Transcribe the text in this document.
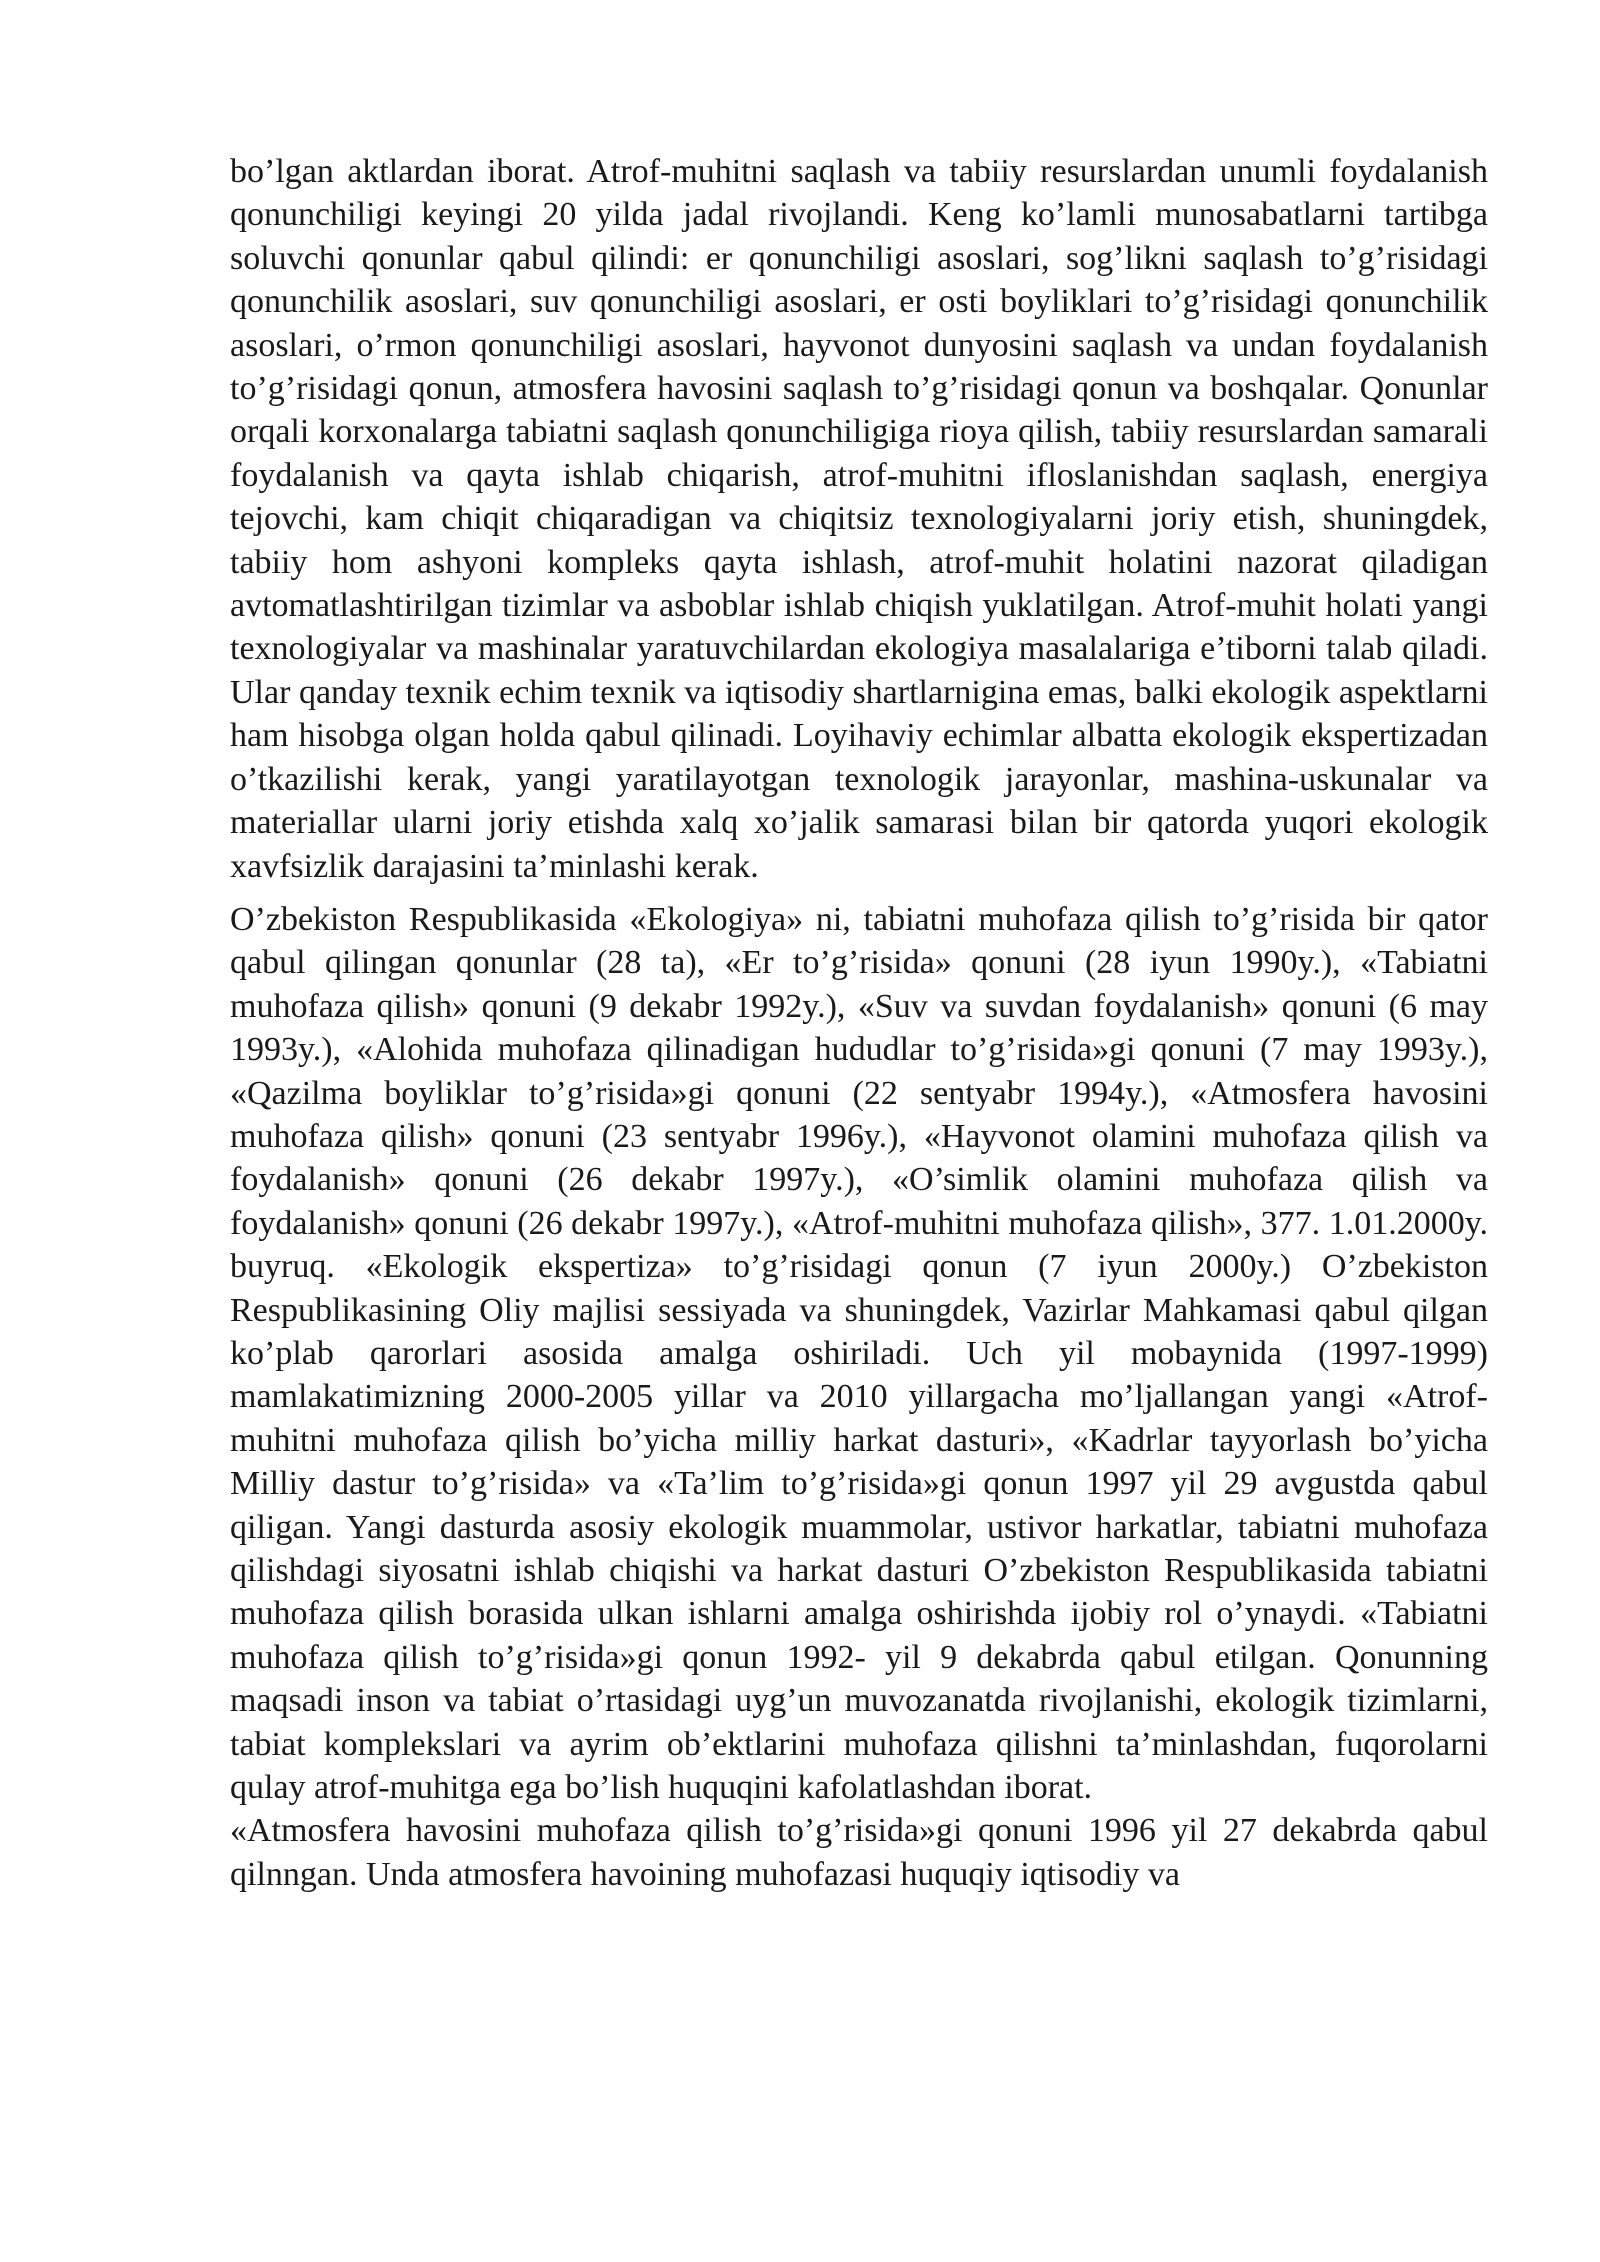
bo’lgan aktlardan iborat. Atrof-muhitni saqlash va tabiiy resurslardan unumli foydalanish qonunchiligi keyingi 20 yilda jadal rivojlandi. Keng ko’lamli munosabatlarni tartibga soluvchi qonunlar qabul qilindi: er qonunchiligi asoslari, sog’likni saqlash to’g’risidagi qonunchilik asoslari, suv qonunchiligi asoslari, er osti boyliklari to’g’risidagi qonunchilik asoslari, o’rmon qonunchiligi asoslari, hayvonot dunyosini saqlash va undan foydalanish to’g’risidagi qonun, atmosfera havosini saqlash to’g’risidagi qonun va boshqalar. Qonunlar orqali korxonalarga tabiatni saqlash qonunchiligiga rioya qilish, tabiiy resurslardan samarali foydalanish va qayta ishlab chiqarish, atrof-muhitni ifloslanishdan saqlash, energiya tejovchi, kam chiqit chiqaradigan va chiqitsiz texnologiyalarni joriy etish, shuningdek, tabiiy hom ashyoni kompleks qayta ishlash, atrof-muhit holatini nazorat qiladigan avtomatlashtirilgan tizimlar va asboblar ishlab chiqish yuklatilgan. Atrof-muhit holati yangi texnologiyalar va mashinalar yaratuvchilardan ekologiya masalalariga e’tiborni talab qiladi. Ular qanday texnik echim texnik va iqtisodiy shartlarnigina emas, balki ekologik aspektlarni ham hisobga olgan holda qabul qilinadi. Loyihaviy echimlar albatta ekologik ekspertizadan o’tkazilishi kerak, yangi yaratilayotgan texnologik jarayonlar, mashina-uskunalar va materiallar ularni joriy etishda xalq xo’jalik samarasi bilan bir qatorda yuqori ekologik xavfsizlik darajasini ta’minlashi kerak.

O’zbekiston Respublikasida «Ekologiya» ni, tabiatni muhofaza qilish to’g’risida bir qator qabul qilingan qonunlar (28 ta), «Er to’g’risida» qonuni (28 iyun 1990y.), «Tabiatni muhofaza qilish» qonuni (9 dekabr 1992y.), «Suv va suvdan foydalanish» qonuni (6 may 1993y.), «Alohida muhofaza qilinadigan hududlar to’g’risida»gi qonuni (7 may 1993y.), «Qazilma boyliklar to’g’risida»gi qonuni (22 sentyabr 1994y.), «Atmosfera havosini muhofaza qilish» qonuni (23 sentyabr 1996y.), «Hayvonot olamini muhofaza qilish va foydalanish» qonuni (26 dekabr 1997y.), «O’simlik olamini muhofaza qilish va foydalanish» qonuni (26 dekabr 1997y.), «Atrof-muhitni muhofaza qilish», 377. 1.01.2000y. buyruq. «Ekologik ekspertiza» to’g’risidagi qonun (7 iyun 2000y.) O’zbekiston Respublikasining Oliy majlisi sessiyada va shuningdek, Vazirlar Mahkamasi qabul qilgan ko’plab qarorlari asosida amalga oshiriladi. Uch yil mobaynida (1997-1999) mamlakatimizning 2000-2005 yillar va 2010 yillargacha mo’ljallangan yangi «Atrof-muhitni muhofaza qilish bo’yicha milliy harkat dasturi», «Kadrlar tayyorlash bo’yicha Milliy dastur to’g’risida» va «Ta’lim to’g’risida»gi qonun 1997 yil 29 avgustda qabul qiligan. Yangi dasturda asosiy ekologik muammolar, ustivor harkatlar, tabiatni muhofaza qilishdagi siyosatni ishlab chiqishi va harkat dasturi O’zbekiston Respublikasida tabiatni muhofaza qilish borasida ulkan ishlarni amalga oshirishda ijobiy rol o’ynaydi. «Tabiatni muhofaza qilish to’g’risida»gi qonun 1992- yil 9 dekabrda qabul etilgan. Qonunning maqsadi inson va tabiat o’rtasidagi uyg’un muvozanatda rivojlanishi, ekologik tizimlarni, tabiat komplekslari va ayrim ob’ektlarini muhofaza qilishni ta’minlashdan, fuqorolarni qulay atrof-muhitga ega bo’lish huquqini kafolatlashdan iborat.

«Atmosfera havosini muhofaza qilish to’g’risida»gi qonuni 1996 yil 27 dekabrda qabul qilnngan. Unda atmosfera havoining muhofazasi huquqiy iqtisodiy va
